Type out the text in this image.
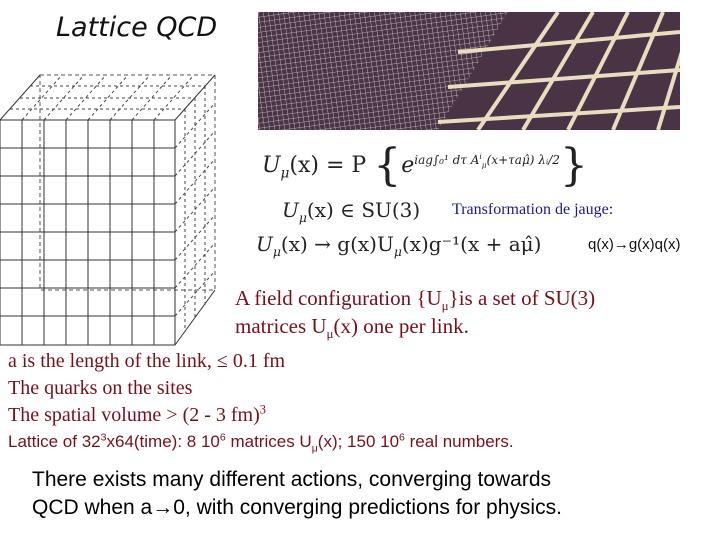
Lattice QCD
$U_\mu(x) = P$ $\{e^{iag\int_0^1 d\tau A^i_\mu(x+\tau a\mû) \lambda ᵢ/2}\}$
$U_\mu(x)$ ∈ SU(3)
$U_\mu(x) \to g(x)U_\mu(x)g^{-1}(x$ + aμ̂)
Transformation de jauge:
q(x)→g(x)q(x)
A field configuration $\{U_\mu\}is$ a set of SU(3)
matrices $U_\mu(x)$ one per link.
a is the length of the link, ≤ 0.1 fm
The quarks on the sites
The spatial volume > (2 - 3 fm)$^3$
Lattice of $32^3x64(time)$: 8 $10^6$ matrices $U_\mu(x)$; 150 $10^6$ real numbers.
There exists many different actions, converging towards
QCD when a→0, with converging predictions for physics.
